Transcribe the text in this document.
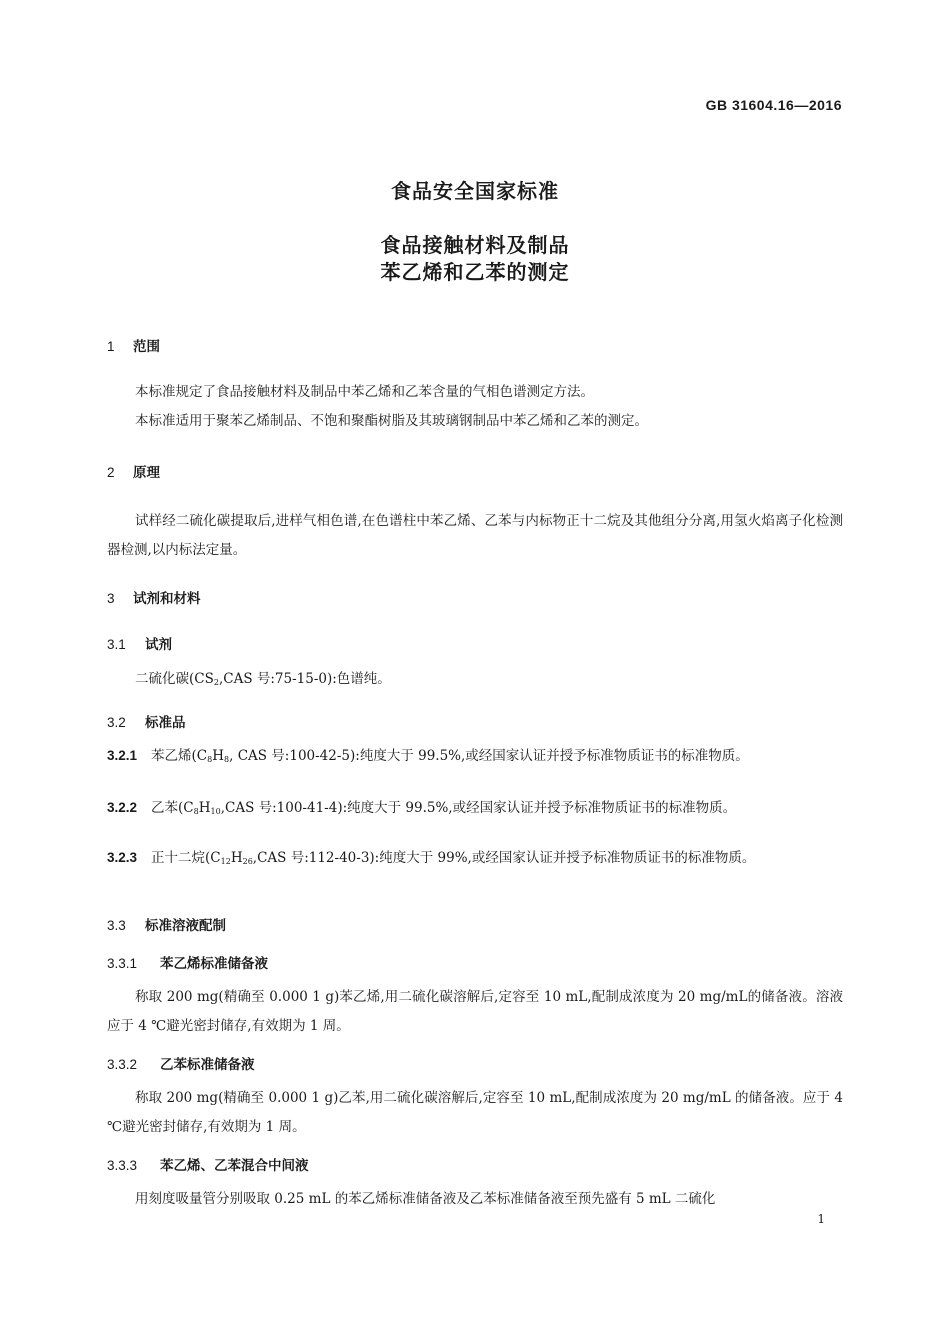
GB 31604.16—2016
食品安全国家标准
食品接触材料及制品
苯乙烯和乙苯的测定
1 范围
本标准规定了食品接触材料及制品中苯乙烯和乙苯含量的气相色谱测定方法。
本标准适用于聚苯乙烯制品、不饱和聚酯树脂及其玻璃钢制品中苯乙烯和乙苯的测定。
2 原理
试样经二硫化碳提取后,进样气相色谱,在色谱柱中苯乙烯、乙苯与内标物正十二烷及其他组分分离,用氢火焰离子化检测器检测,以内标法定量。
3 试剂和材料
3.1 试剂
二硫化碳($CS_2,CAS$ 号:75-15-0):色谱纯。
3.2 标准品
3.2.1 苯乙烯($C_8H_8$, CAS 号:100-42-5):纯度大于 99.5%,或经国家认证并授予标准物质证书的标准物质。
3.2.2 乙苯($C_8H_{10},CAS$ 号:100-41-4):纯度大于 99.5%,或经国家认证并授予标准物质证书的标准物质。
3.2.3 正十二烷($C_{12}H_{26},CAS$ 号:112-40-3):纯度大于 99%,或经国家认证并授予标准物质证书的标准物质。
3.3 标准溶液配制
3.3.1 苯乙烯标准储备液
称取 200 mg(精确至 0.000 1 g)苯乙烯,用二硫化碳溶解后,定容至 10 mL,配制成浓度为 20 mg/mL的储备液。溶液应于 4 ℃避光密封储存,有效期为 1 周。
3.3.2 乙苯标准储备液
称取 200 mg(精确至 0.000 1 g)乙苯,用二硫化碳溶解后,定容至 10 mL,配制成浓度为 20 mg/mL 的储备液。应于 4 ℃避光密封储存,有效期为 1 周。
3.3.3 苯乙烯、乙苯混合中间液
用刻度吸量管分别吸取 0.25 mL 的苯乙烯标准储备液及乙苯标准储备液至预先盛有 5 mL 二硫化
1
